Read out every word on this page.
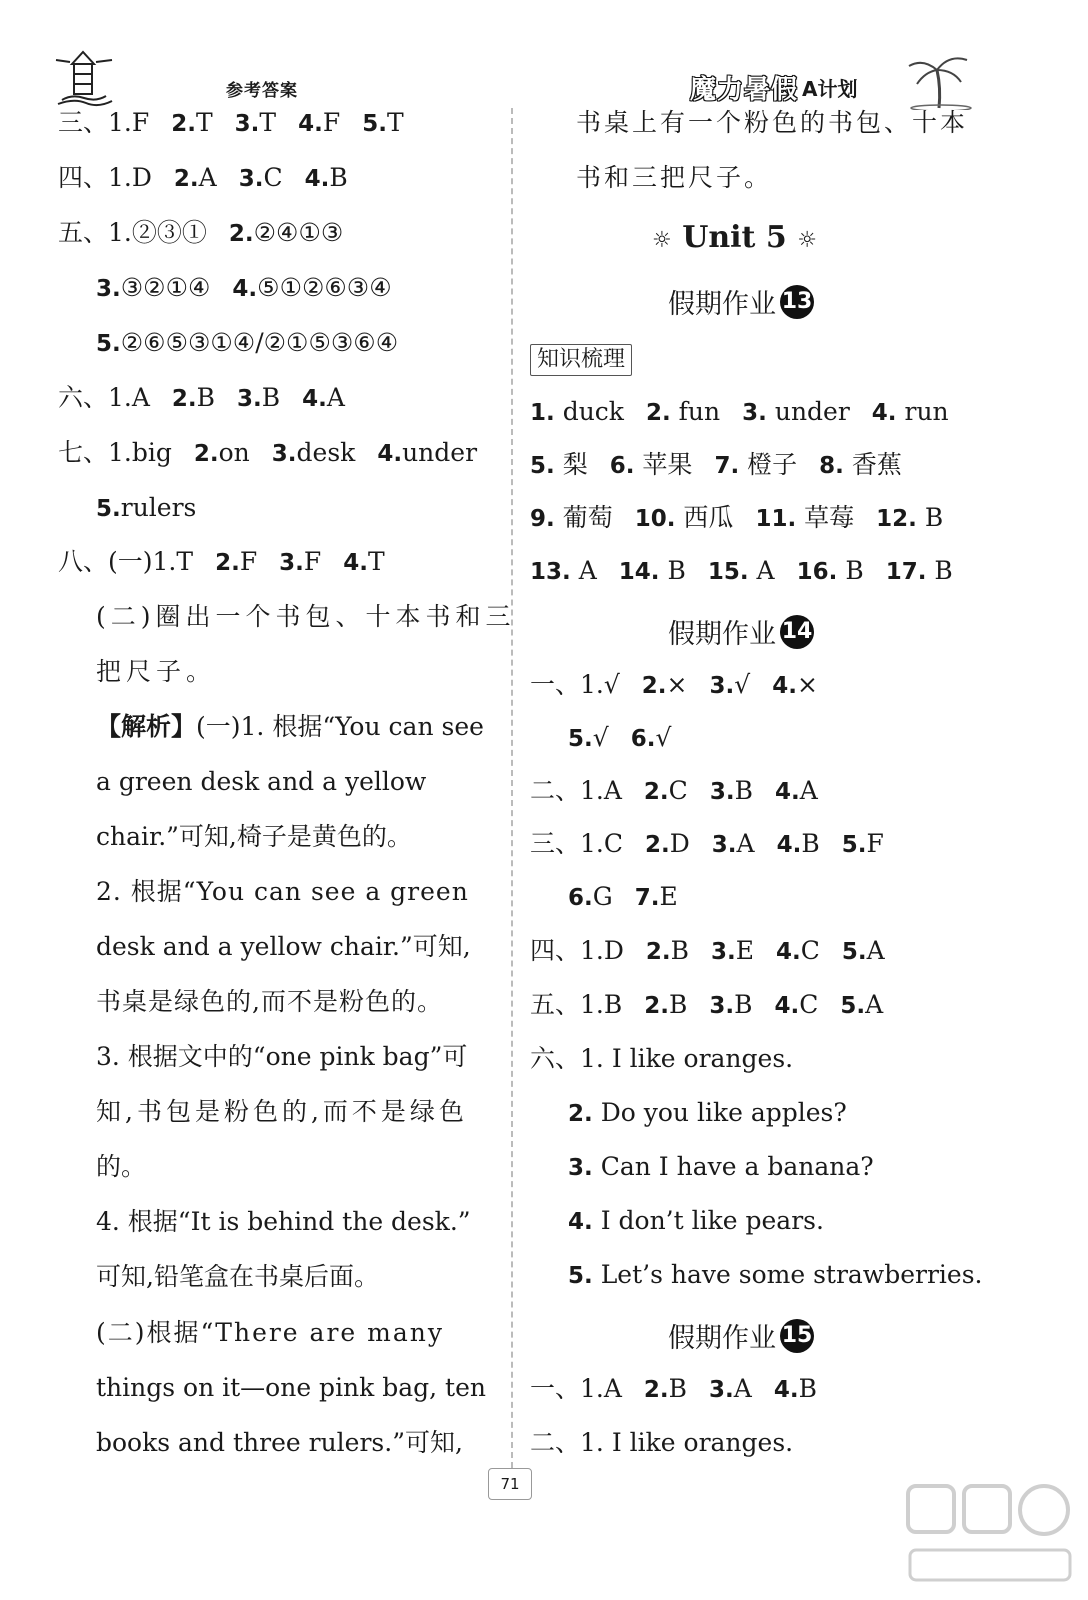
参考答案	魔力暑假 A计划
三、1.F 2.T 3.T 4.F 5.T
四、1.D 2.A 3.C 4.B
五、1.②③① 2.②④①③
3.③②①④ 4.⑤①②⑥③④
5.②⑥⑤③①④/②①⑤③⑥④
六、1.A 2.B 3.B 4.A
七、1.big 2.on 3.desk 4.under
5.rulers
八、(一)1.T 2.F 3.F 4.T
(二)圈出一个书包、十本书和三
把尺子。
【解析】(一)1. 根据“You can see
a green desk and a yellow
chair.”可知,椅子是黄色的。
2. 根据“You can see a green
desk and a yellow chair.”可知,
书桌是绿色的,而不是粉色的。
3. 根据文中的“one pink bag”可
知,书包是粉色的,而不是绿色
的。
4. 根据“It is behind the desk.”
可知,铅笔盒在书桌后面。
(二)根据“There are many
things on it—one pink bag, ten
books and three rulers.”可知,
书桌上有一个粉色的书包、十本
书和三把尺子。
☼ Unit 5 ☼
假期作业 13
知识梳理
1. duck 2. fun 3. under 4. run
5. 梨 6. 苹果 7. 橙子 8. 香蕉
9. 葡萄 10. 西瓜 11. 草莓 12. B
13. A 14. B 15. A 16. B 17. B
假期作业 14
一、1.√ 2.× 3.√ 4.×
5.√ 6.√
二、1.A 2.C 3.B 4.A
三、1.C 2.D 3.A 4.B 5.F
6.G 7.E
四、1.D 2.B 3.E 4.C 5.A
五、1.B 2.B 3.B 4.C 5.A
六、1. I like oranges.
2. Do you like apples?
3. Can I have a banana?
4. I don’t like pears.
5. Let’s have some strawberries.
假期作业 15
一、1.A 2.B 3.A 4.B
二、1. I like oranges.
71
